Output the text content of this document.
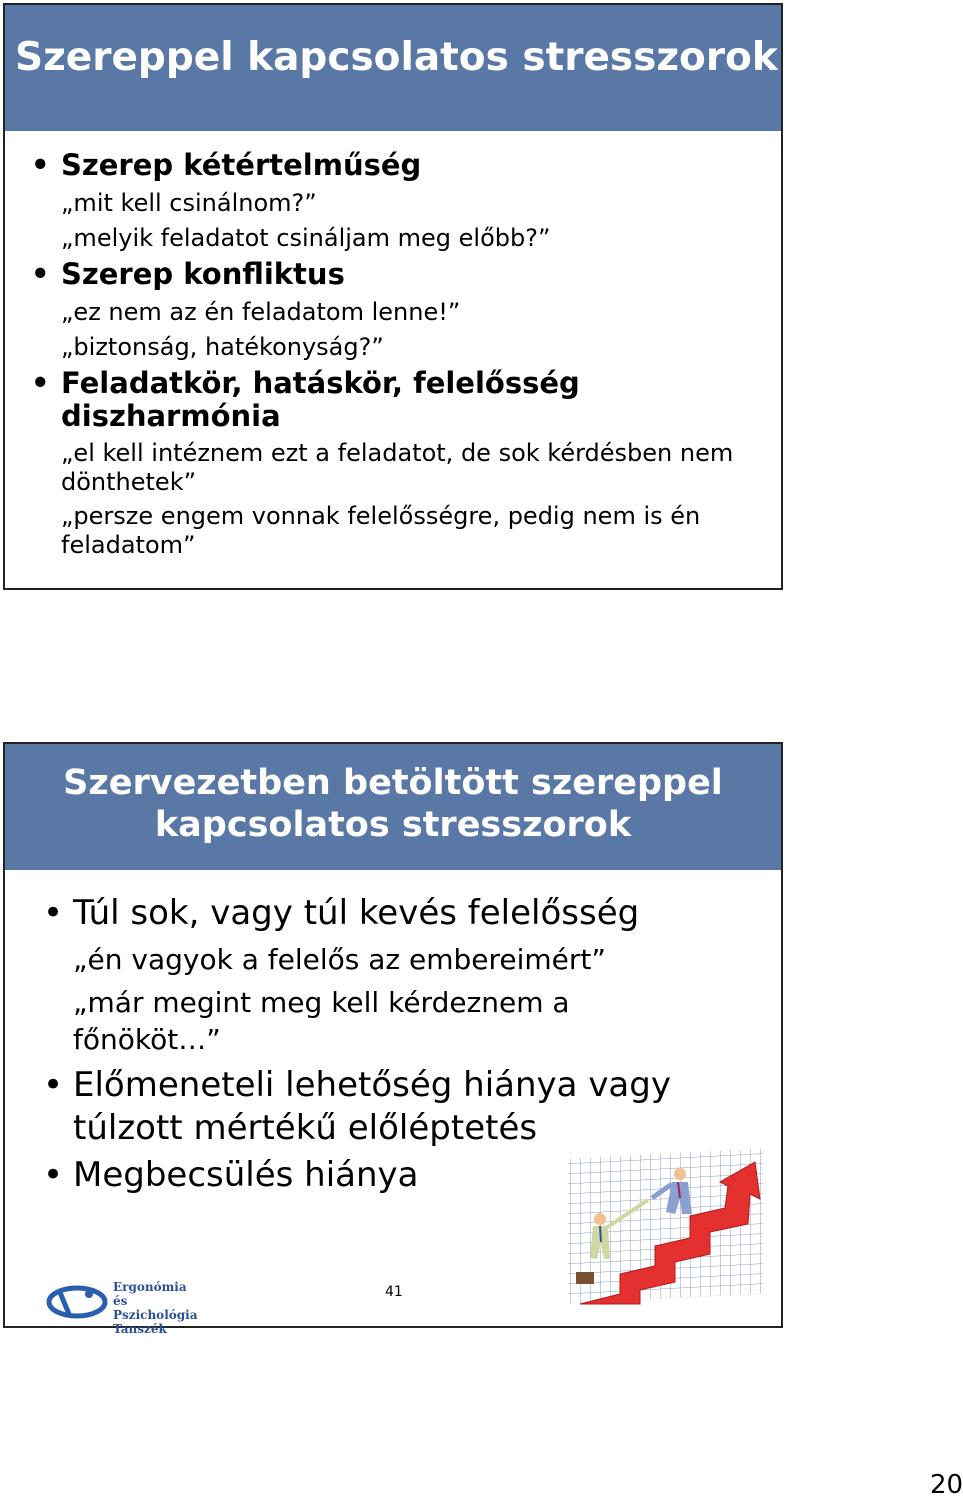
Szereppel kapcsolatos stresszorok
• Szerep kétértelműség
„mit kell csinálnom?”
„melyik feladatot csináljam meg előbb?”
• Szerep konfliktus
„ez nem az én feladatom lenne!”
„biztonság, hatékonyság?”
• Feladatkör, hatáskör, felelősség diszharmónia
„el kell intéznem ezt a feladatot, de sok kérdésben nem dönthetek”
„persze engem vonnak felelősségre, pedig nem is én feladatom”
Szervezetben betöltött szereppel kapcsolatos stresszorok
• Túl sok, vagy túl kevés felelősség
„én vagyok a felelős az embereimért”
„már megint meg kell kérdeznem a főnököt…”
• Előmeneteli lehetőség hiánya vagy túlzott mértékű előléptetés
• Megbecsülés hiánya
Ergonómia és
Pszichológia
Tanszék
41
20
